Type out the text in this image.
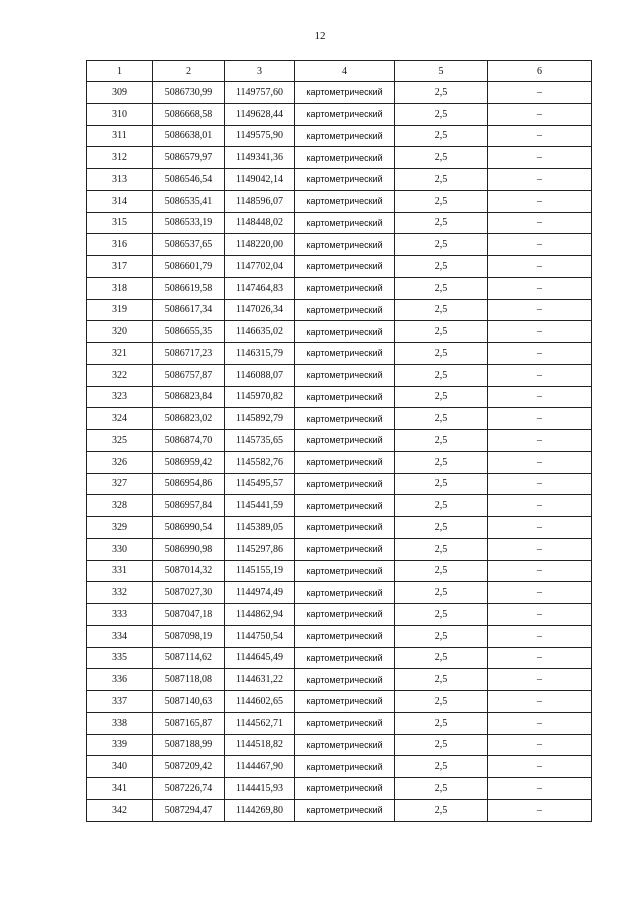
12
1	2	3	4	5	6
309	5086730,99	1149757,60	картометрический	2,5	–
310	5086668,58	1149628,44	картометрический	2,5	–
311	5086638,01	1149575,90	картометрический	2,5	–
312	5086579,97	1149341,36	картометрический	2,5	–
313	5086546,54	1149042,14	картометрический	2,5	–
314	5086535,41	1148596,07	картометрический	2,5	–
315	5086533,19	1148448,02	картометрический	2,5	–
316	5086537,65	1148220,00	картометрический	2,5	–
317	5086601,79	1147702,04	картометрический	2,5	–
318	5086619,58	1147464,83	картометрический	2,5	–
319	5086617,34	1147026,34	картометрический	2,5	–
320	5086655,35	1146635,02	картометрический	2,5	–
321	5086717,23	1146315,79	картометрический	2,5	–
322	5086757,87	1146088,07	картометрический	2,5	–
323	5086823,84	1145970,82	картометрический	2,5	–
324	5086823,02	1145892,79	картометрический	2,5	–
325	5086874,70	1145735,65	картометрический	2,5	–
326	5086959,42	1145582,76	картометрический	2,5	–
327	5086954,86	1145495,57	картометрический	2,5	–
328	5086957,84	1145441,59	картометрический	2,5	–
329	5086990,54	1145389,05	картометрический	2,5	–
330	5086990,98	1145297,86	картометрический	2,5	–
331	5087014,32	1145155,19	картометрический	2,5	–
332	5087027,30	1144974,49	картометрический	2,5	–
333	5087047,18	1144862,94	картометрический	2,5	–
334	5087098,19	1144750,54	картометрический	2,5	–
335	5087114,62	1144645,49	картометрический	2,5	–
336	5087118,08	1144631,22	картометрический	2,5	–
337	5087140,63	1144602,65	картометрический	2,5	–
338	5087165,87	1144562,71	картометрический	2,5	–
339	5087188,99	1144518,82	картометрический	2,5	–
340	5087209,42	1144467,90	картометрический	2,5	–
341	5087226,74	1144415,93	картометрический	2,5	–
342	5087294,47	1144269,80	картометрический	2,5	–
